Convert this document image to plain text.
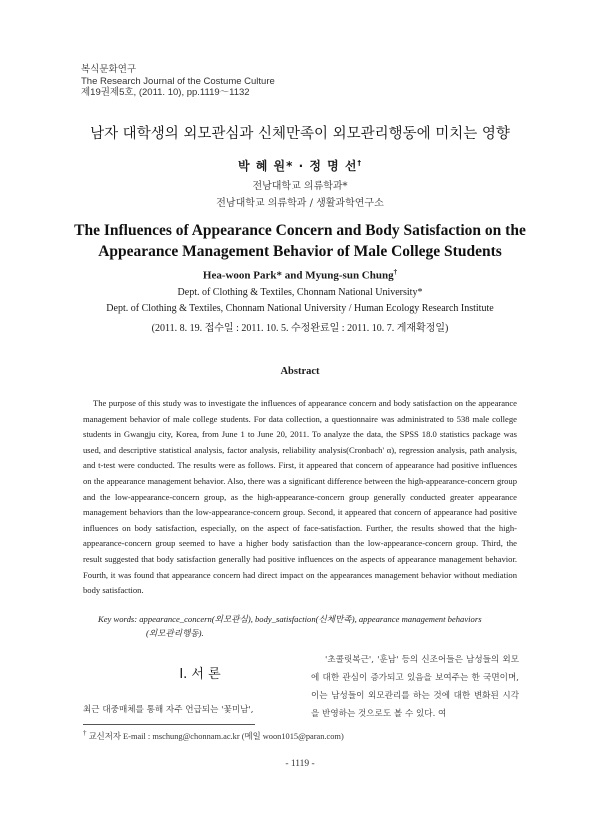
복식문화연구
The Research Journal of the Costume Culture
제19권제5호, (2011. 10), pp.1119～1132
남자 대학생의 외모관심과 신체만족이 외모관리행동에 미치는 영향
박 혜 원* · 정 명 선†
전남대학교 의류학과*
전남대학교 의류학과 / 생활과학연구소
The Influences of Appearance Concern and Body Satisfaction on the
Appearance Management Behavior of Male College Students
Hea-woon Park* and Myung-sun Chung†
Dept. of Clothing & Textiles, Chonnam National University*
Dept. of Clothing & Textiles, Chonnam National University / Human Ecology Research Institute
(2011. 8. 19. 접수일 : 2011. 10. 5. 수정완료일 : 2011. 10. 7. 게재확정일)
Abstract

The purpose of this study was to investigate the influences of appearance concern and body satisfaction on the appearance management behavior of male college students. For data collection, a questionnaire was administrated to 538 male college students in Gwangju city, Korea, from June 1 to June 20, 2011. To analyze the data, the SPSS 18.0 statistics package was used, and descriptive statistical analysis, factor analysis, reliability analysis(Cronbach' α), regression analysis, path analysis, and t-test were conducted. The results were as follows. First, it appeared that concern of appearance had positive influences on the appearance management behavior. Also, there was a significant difference between the high-appearance-concern group and the low-appearance-concern group, as the high-appearance-concern group generally conducted greater appearance management behaviors than the low-appearance-concern group. Second, it appeared that concern of appearance had positive influences on body satisfaction, especially, on the aspect of face-satisfaction. Further, the results showed that the high-appearance-concern group seemed to have a higher body satisfaction than the low-appearance-concern group. Third, the result suggested that body satisfaction generally had positive influences on the aspects of appearance management behavior. Fourth, it was found that appearance concern had direct impact on the appearances management behavior without mediation body satisfaction.

Key words: appearance_concern(외모관심), body_satisfaction(신체만족), appearance management behaviors
(외모관리행동).
Ⅰ. 서 론
최근 대중매체를 통해 자주 언급되는 '꽃미남',
'초콜릿복근', '훈남' 등의 신조어들은 남성들의 외모에 대한 관심이 증가되고 있음을 보여주는 한 국면이며, 이는 남성들이 외모관리를 하는 것에 대한 변화된 시각을 반영하는 것으로도 볼 수 있다. 여
† 교신저자 E-mail : mschung@chonnam.ac.kr (메일 woon1015@paran.com)
- 1119 -
